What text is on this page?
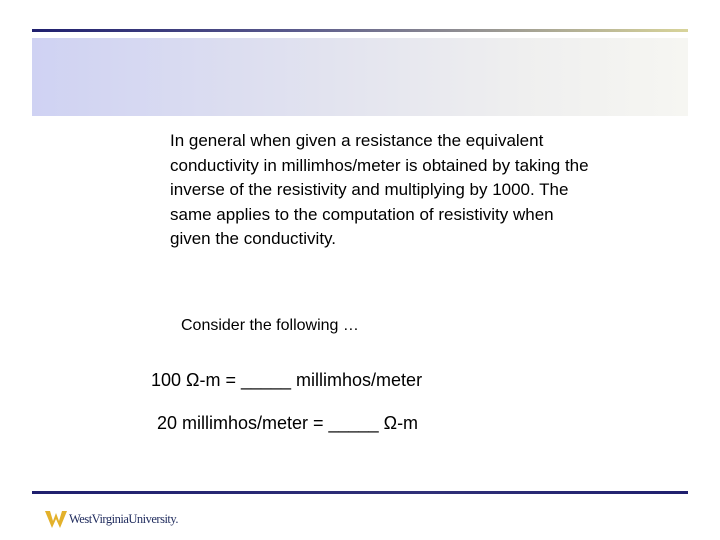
In general when given a resistance the equivalent conductivity in millimhos/meter is obtained by taking the inverse of the resistivity and multiplying by 1000. The same applies to the computation of resistivity when given the conductivity.

Consider the following …

100 Ω-m = _____ millimhos/meter

20 millimhos/meter = _____ Ω-m

WestVirginiaUniversity.
